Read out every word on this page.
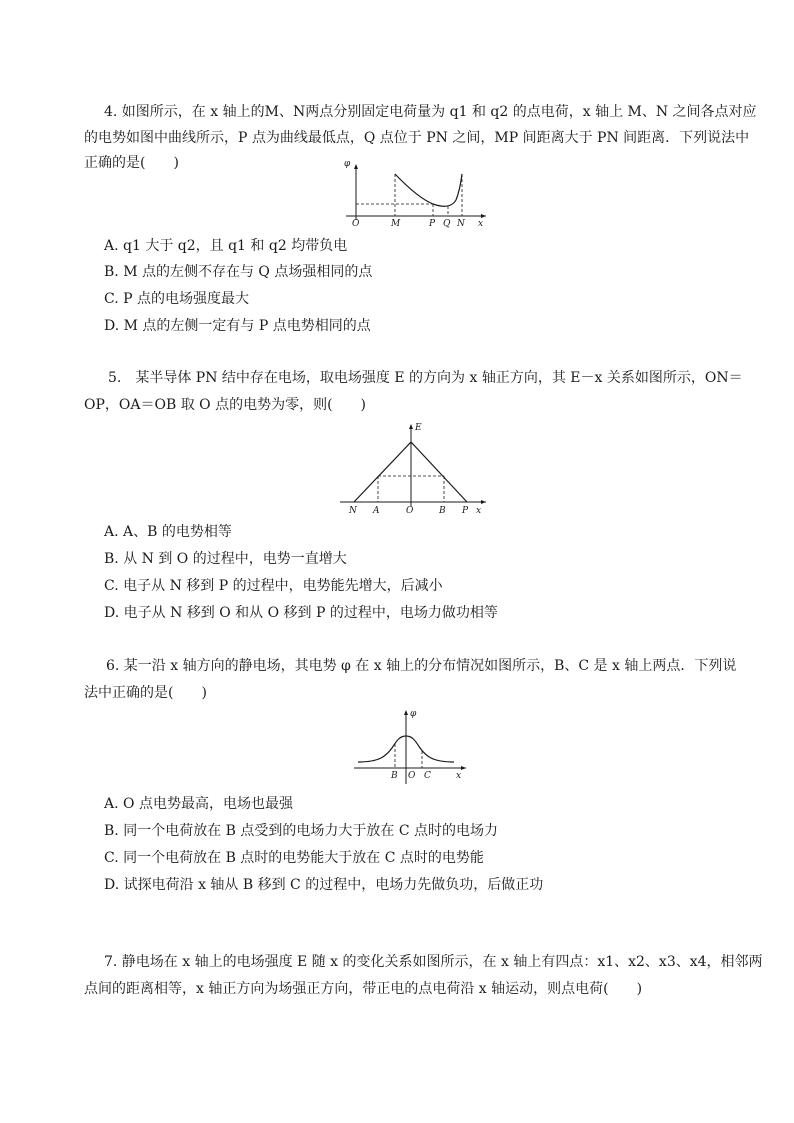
4. 如图所示，在 x 轴上的M、N两点分别固定电荷量为 q1 和 q2 的点电荷，x 轴上 M、N 之间各点对应
的电势如图中曲线所示，P 点为曲线最低点，Q 点位于 PN 之间，MP 间距离大于 PN 间距离．下列说法中
正确的是(　　)	φ
O	M	P Q N x
A. q1 大于 q2，且 q1 和 q2 均带负电
B. M 点的左侧不存在与 Q 点场强相同的点
C. P 点的电场强度最大
D. M 点的左侧一定有与 P 点电势相同的点
5.　某半导体 PN 结中存在电场，取电场强度 E 的方向为 x 轴正方向，其 E－x 关系如图所示，ON＝
OP，OA＝OB 取 O 点的电势为零，则(　　)
E
N A	O	B P x
A. A、B 的电势相等
B. 从 N 到 O 的过程中，电势一直增大
C. 电子从 N 移到 P 的过程中，电势能先增大，后减小
D. 电子从 N 移到 O 和从 O 移到 P 的过程中，电场力做功相等
6. 某一沿 x 轴方向的静电场，其电势 φ 在 x 轴上的分布情况如图所示，B、C 是 x 轴上两点．下列说
法中正确的是(　　)
φ
B O C	x
A. O 点电势最高，电场也最强
B. 同一个电荷放在 B 点受到的电场力大于放在 C 点时的电场力
C. 同一个电荷放在 B 点时的电势能大于放在 C 点时的电势能
D. 试探电荷沿 x 轴从 B 移到 C 的过程中，电场力先做负功，后做正功
7. 静电场在 x 轴上的电场强度 E 随 x 的变化关系如图所示，在 x 轴上有四点：x1、x2、x3、x4，相邻两
点间的距离相等，x 轴正方向为场强正方向，带正电的点电荷沿 x 轴运动，则点电荷(　　)
